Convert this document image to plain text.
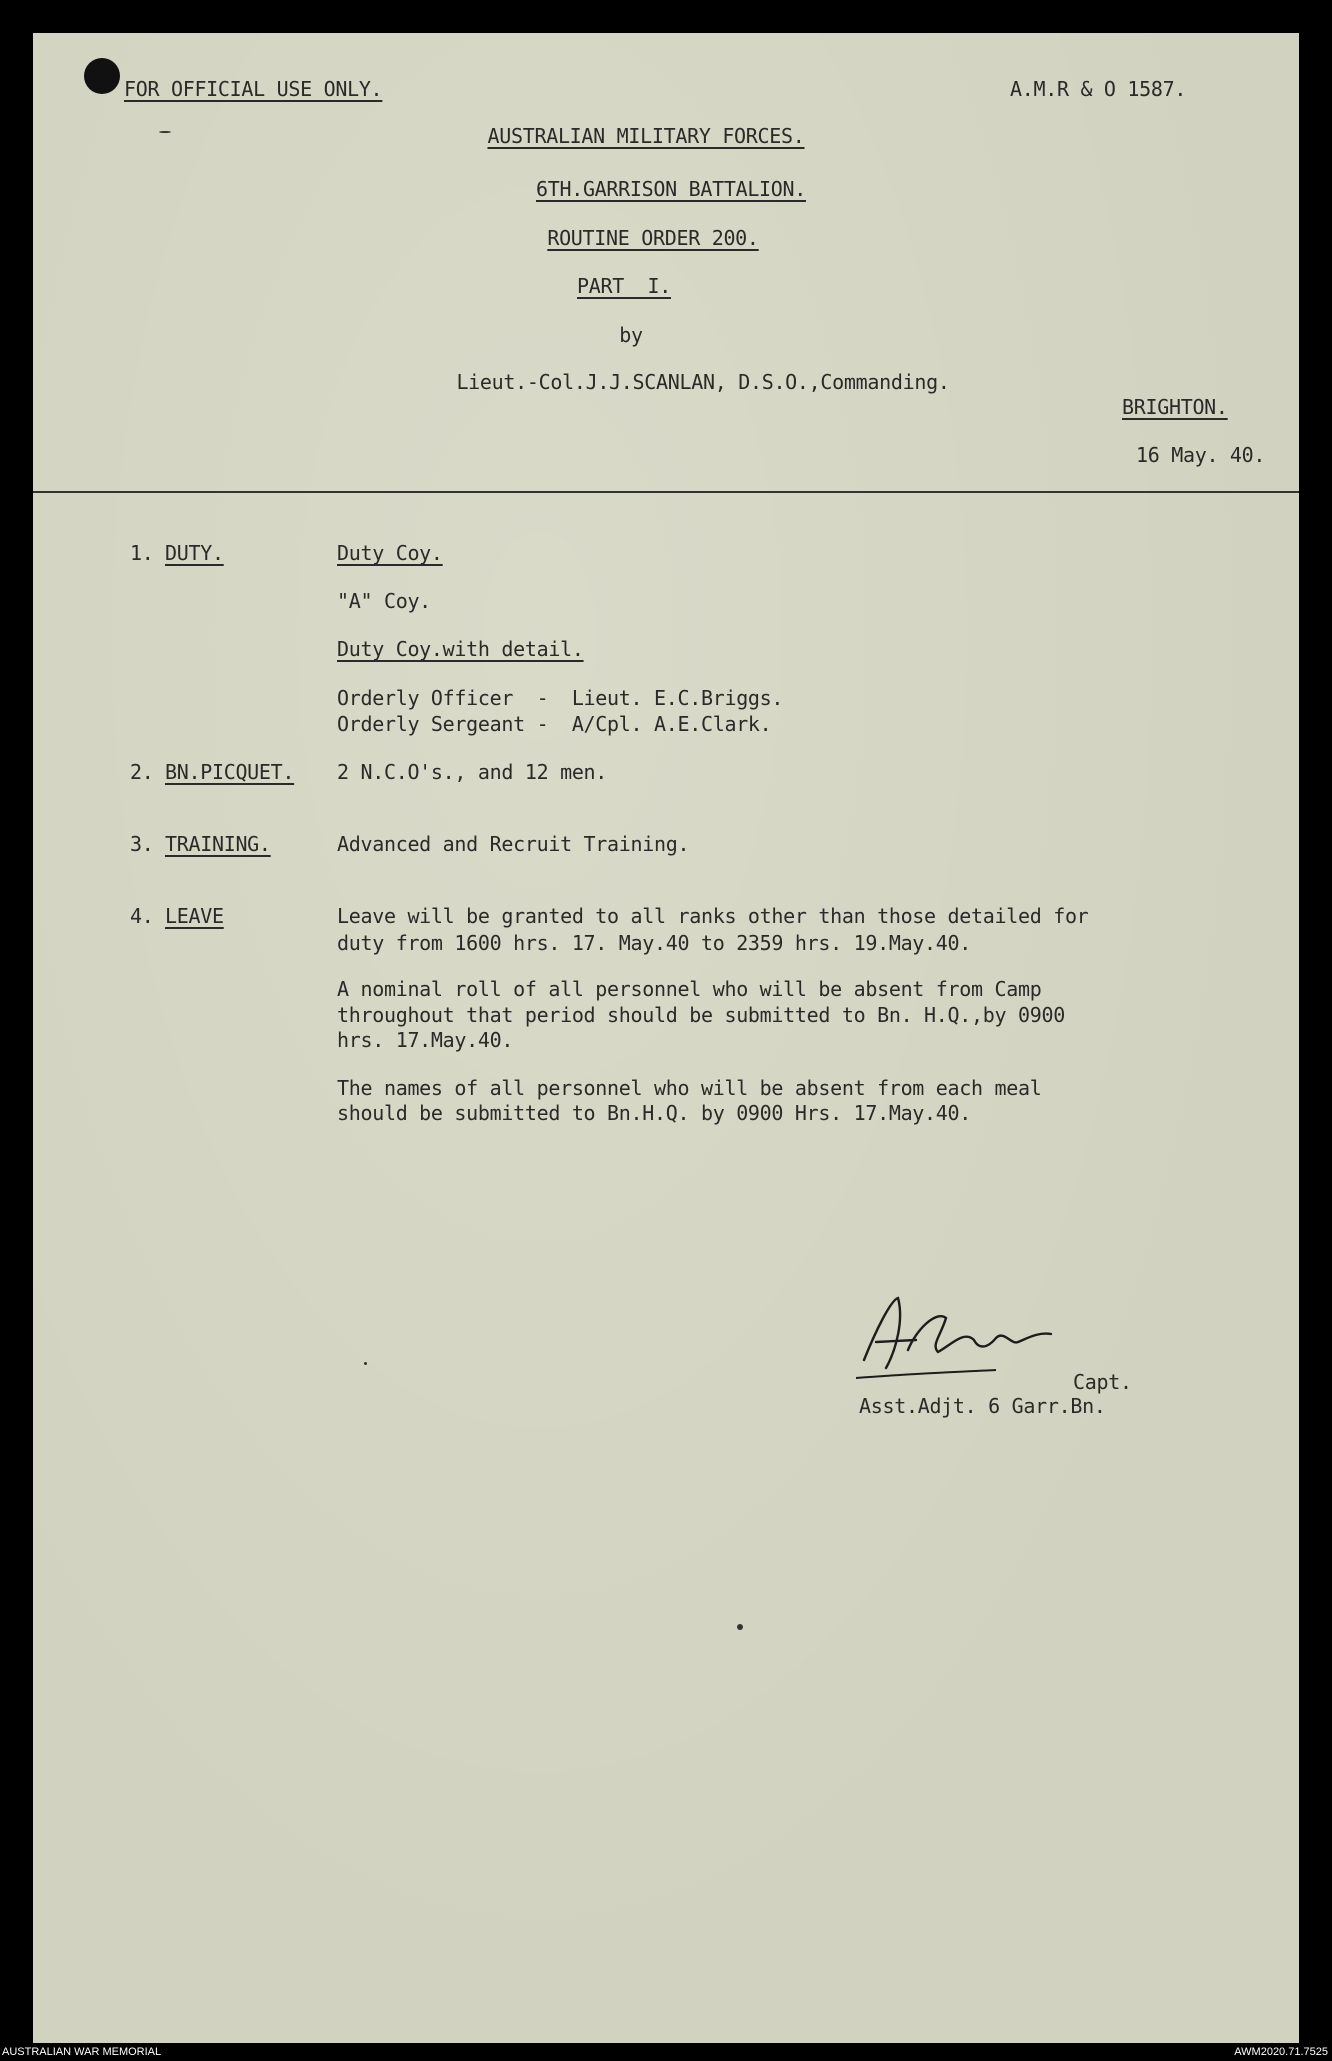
FOR OFFICIAL USE ONLY.	A.M.R & O 1587.
AUSTRALIAN MILITARY FORCES.
6TH.GARRISON BATTALION.
ROUTINE ORDER 200.
PART  I.
by
Lieut.-Col.J.J.SCANLAN, D.S.O.,Commanding.
BRIGHTON.
16 May. 40.
1. DUTY.	Duty Coy.
"A" Coy.
Duty Coy.with detail.
Orderly Officer  -  Lieut. E.C.Briggs.
Orderly Sergeant -  A/Cpl. A.E.Clark.
2. BN.PICQUET. 2 N.C.O's., and 12 men.
3. TRAINING.	Advanced and Recruit Training.
4. LEAVE	Leave will be granted to all ranks other than those detailed for
duty from 1600 hrs. 17. May.40 to 2359 hrs. 19.May.40.
A nominal roll of all personnel who will be absent from Camp
throughout that period should be submitted to Bn. H.Q.,by 0900
hrs. 17.May.40.
The names of all personnel who will be absent from each meal
should be submitted to Bn.H.Q. by 0900 Hrs. 17.May.40.
Capt.
Asst.Adjt. 6 Garr.Bn.
AUSTRALIAN WAR MEMORIAL	AWM2020.71.7525
